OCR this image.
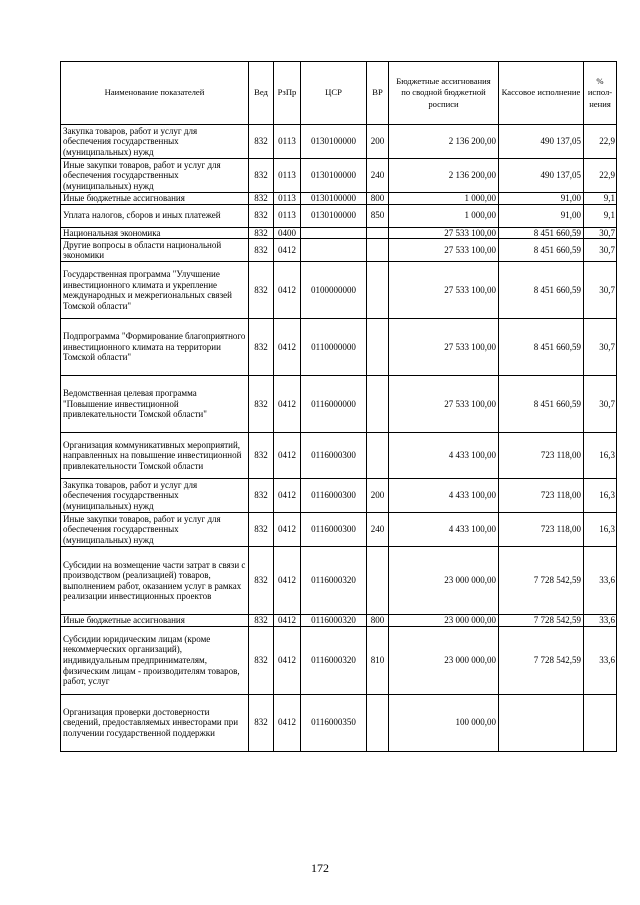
Наименование показателей	Вед	РзПр	ЦСР	ВР	Бюджетные ассигнования по сводной бюджетной росписи	Кассовое исполнение	% испол-нения
Закупка товаров, работ и услуг для обеспечения государственных (муниципальных) нужд	832	0113	0130100000	200	2 136 200,00	490 137,05	22,9
Иные закупки товаров, работ и услуг для обеспечения государственных (муниципальных) нужд	832	0113	0130100000	240	2 136 200,00	490 137,05	22,9
Иные бюджетные ассигнования	832	0113	0130100000	800	1 000,00	91,00	9,1
Уплата налогов, сборов и иных платежей	832	0113	0130100000	850	1 000,00	91,00	9,1
Национальная экономика	832	0400			27 533 100,00	8 451 660,59	30,7
Другие вопросы в области национальной экономики	832	0412			27 533 100,00	8 451 660,59	30,7
Государственная программа "Улучшение инвестиционного климата и укрепление международных и межрегиональных связей Томской области"	832	0412	0100000000		27 533 100,00	8 451 660,59	30,7
Подпрограмма "Формирование благоприятного инвестиционного климата на территории Томской области"	832	0412	0110000000		27 533 100,00	8 451 660,59	30,7
Ведомственная целевая программа "Повышение инвестиционной привлекательности Томской области"	832	0412	0116000000		27 533 100,00	8 451 660,59	30,7
Организация коммуникативных мероприятий, направленных на повышение инвестиционной привлекательности Томской области	832	0412	0116000300		4 433 100,00	723 118,00	16,3
Закупка товаров, работ и услуг для обеспечения государственных (муниципальных) нужд	832	0412	0116000300	200	4 433 100,00	723 118,00	16,3
Иные закупки товаров, работ и услуг для обеспечения государственных (муниципальных) нужд	832	0412	0116000300	240	4 433 100,00	723 118,00	16,3
Субсидии на возмещение части затрат в связи с производством (реализацией) товаров, выполнением работ, оказанием услуг в рамках реализации инвестиционных проектов	832	0412	0116000320		23 000 000,00	7 728 542,59	33,6
Иные бюджетные ассигнования	832	0412	0116000320	800	23 000 000,00	7 728 542,59	33,6
Субсидии юридическим лицам (кроме некоммерческих организаций), индивидуальным предпринимателям, физическим лицам - производителям товаров, работ, услуг	832	0412	0116000320	810	23 000 000,00	7 728 542,59	33,6
Организация проверки достоверности сведений, предоставляемых инвесторами при получении государственной поддержки	832	0412	0116000350		100 000,00		
172
